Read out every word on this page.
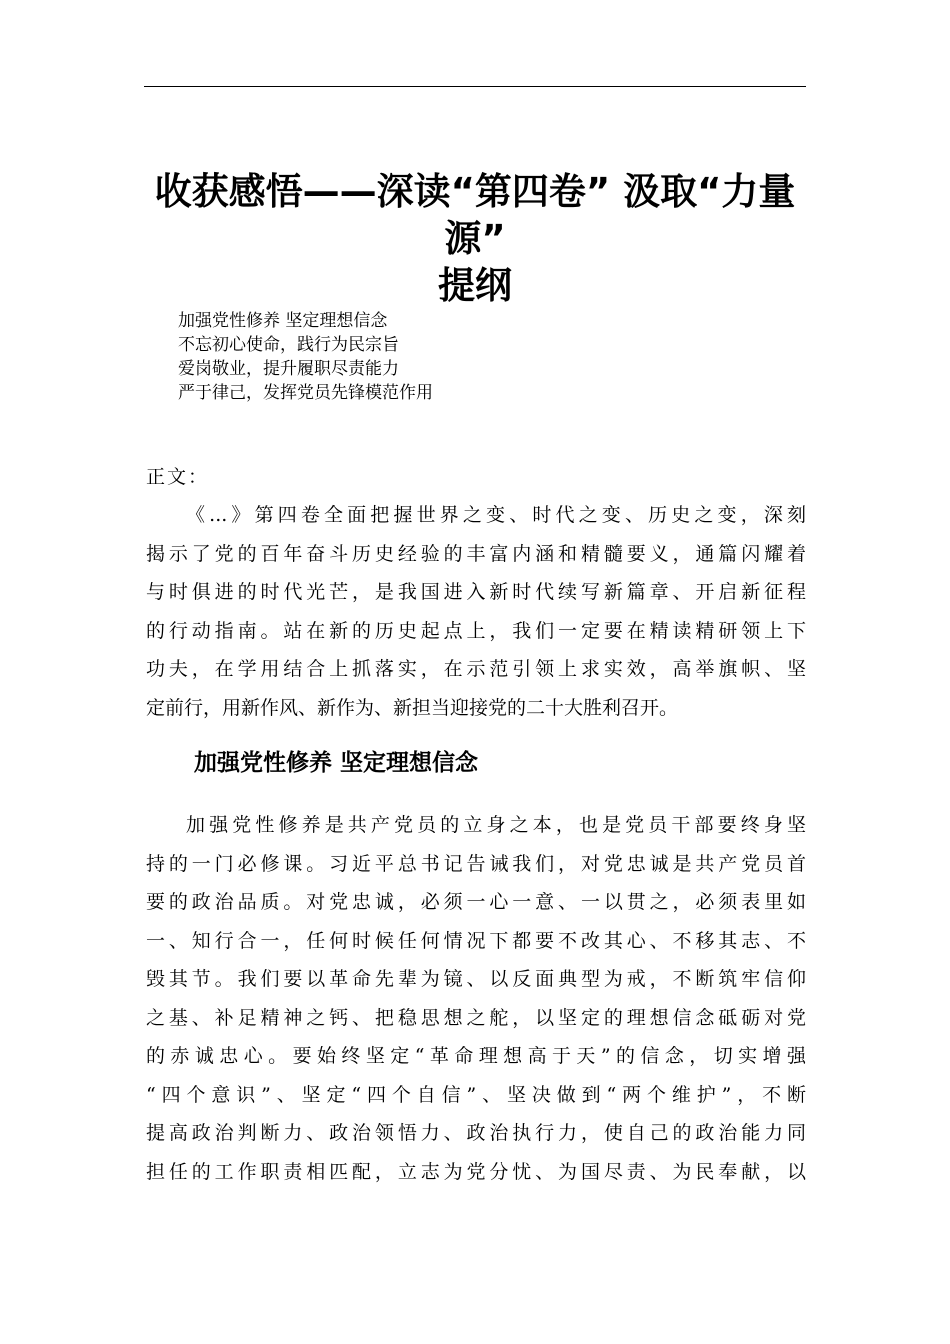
收获感悟——深读“第四卷” 汲取“力量
源”
提纲
加强党性修养 坚定理想信念
不忘初心使命，践行为民宗旨
爱岗敬业，提升履职尽责能力
严于律己，发挥党员先锋模范作用
正文：
《...》第四卷全面把握世界之变、时代之变、历史之变，深刻
揭示了党的百年奋斗历史经验的丰富内涵和精髓要义，通篇闪耀着
与时俱进的时代光芒，是我国进入新时代续写新篇章、开启新征程
的行动指南。站在新的历史起点上，我们一定要在精读精研领上下
功夫，在学用结合上抓落实，在示范引领上求实效，高举旗帜、坚
定前行，用新作风、新作为、新担当迎接党的二十大胜利召开。
加强党性修养 坚定理想信念
加强党性修养是共产党员的立身之本，也是党员干部要终身坚
持的一门必修课。习近平总书记告诫我们，对党忠诚是共产党员首
要的政治品质。对党忠诚，必须一心一意、一以贯之，必须表里如
一、知行合一，任何时候任何情况下都要不改其心、不移其志、不
毁其节。我们要以革命先辈为镜、以反面典型为戒，不断筑牢信仰
之基、补足精神之钙、把稳思想之舵，以坚定的理想信念砥砺对党
的赤诚忠心。要始终坚定“革命理想高于天”的信念，切实增强
“四个意识”、坚定“四个自信”、坚决做到“两个维护”，不断
提高政治判断力、政治领悟力、政治执行力，使自己的政治能力同
担任的工作职责相匹配，立志为党分忧、为国尽责、为民奉献，以
